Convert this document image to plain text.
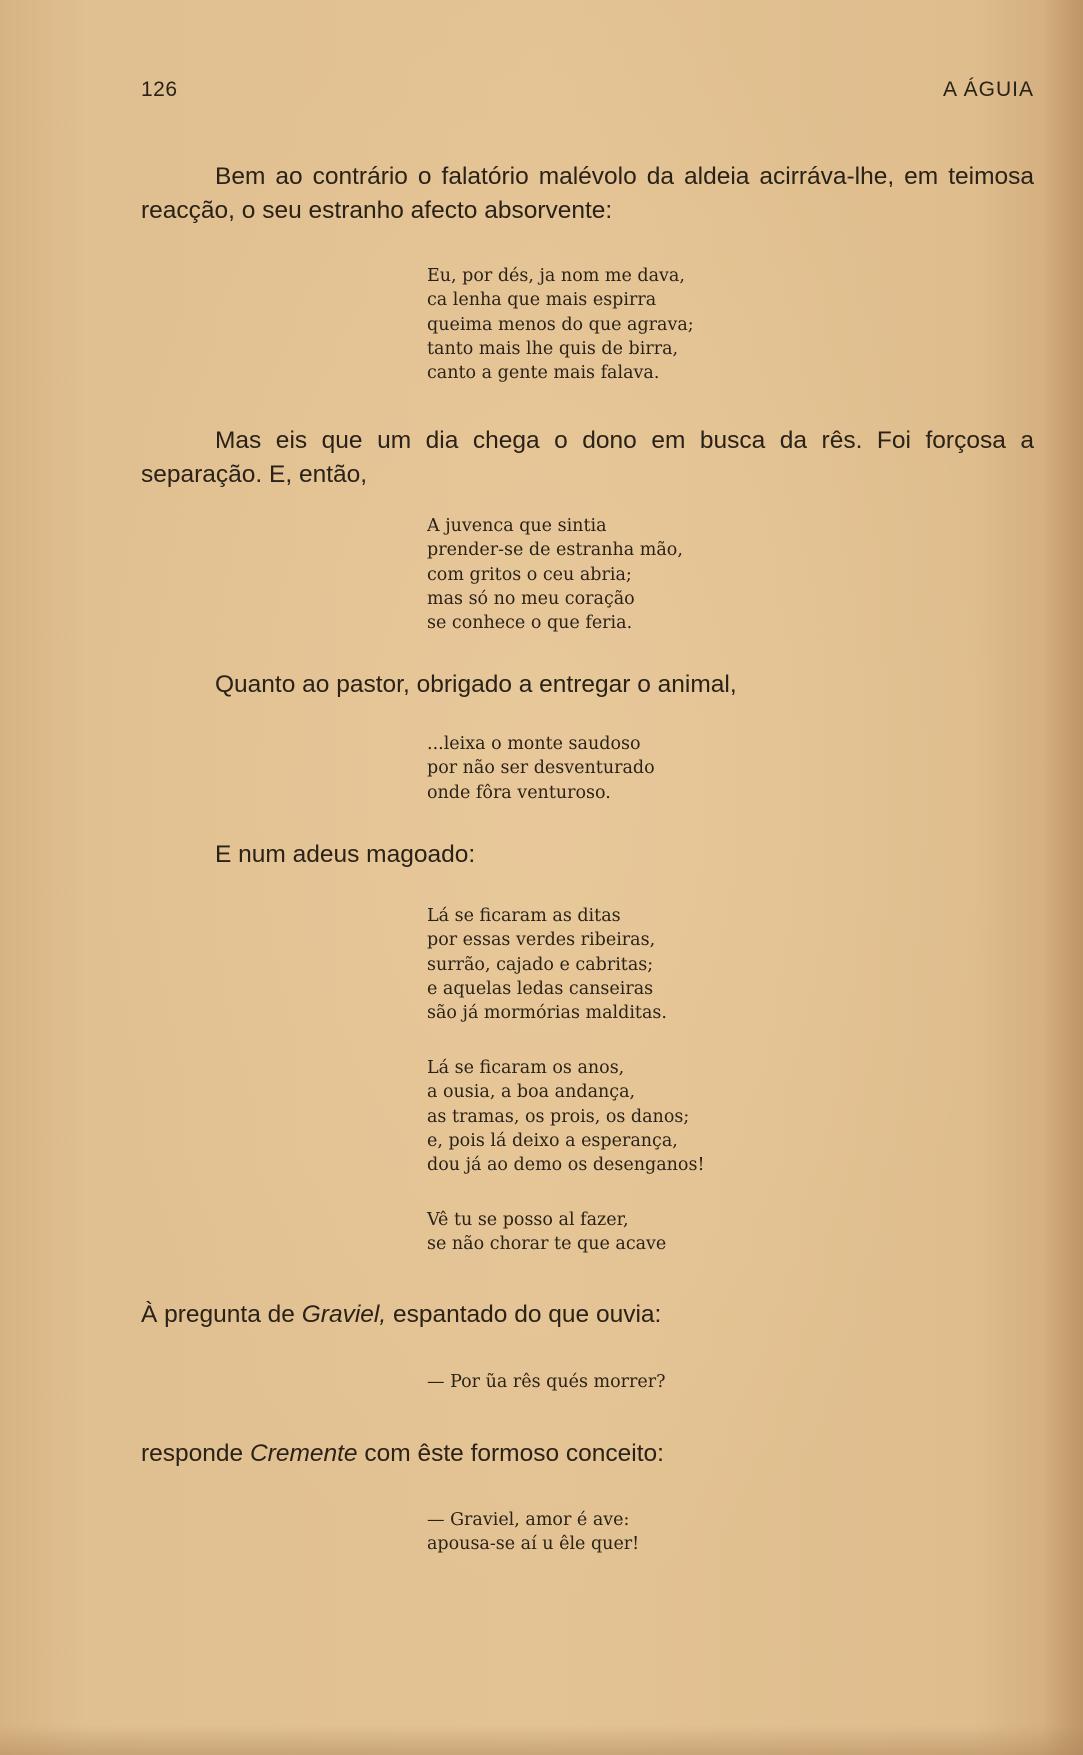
126	A ÁGUIA

Bem ao contrário o falatório malévolo da aldeia acirráva-lhe, em teimosa reacção, o seu estranho afecto absorvente:

Eu, por dés, ja nom me dava,
ca lenha que mais espirra
queima menos do que agrava;
tanto mais lhe quis de birra,
canto a gente mais falava.

Mas eis que um dia chega o dono em busca da rês. Foi forçosa a separação. E, então,

A juvenca que sintia
prender-se de estranha mão,
com gritos o ceu abria;
mas só no meu coração
se conhece o que feria.

Quanto ao pastor, obrigado a entregar o animal,

...leixa o monte saudoso
por não ser desventurado
onde fôra venturoso.

E num adeus magoado:

Lá se ficaram as ditas
por essas verdes ribeiras,
surrão, cajado e cabritas;
e aquelas ledas canseiras
são já mormórias malditas.
Lá se ficaram os anos,
a ousia, a boa andança,
as tramas, os prois, os danos;
e, pois lá deixo a esperança,
dou já ao demo os desenganos!
Vê tu se posso al fazer,
se não chorar te que acave

À pregunta de Graviel, espantado do que ouvia:

— Por ũa rês qués morrer?

responde Cremente com êste formoso conceito:

— Graviel, amor é ave:
apousa-se aí u êle quer!
